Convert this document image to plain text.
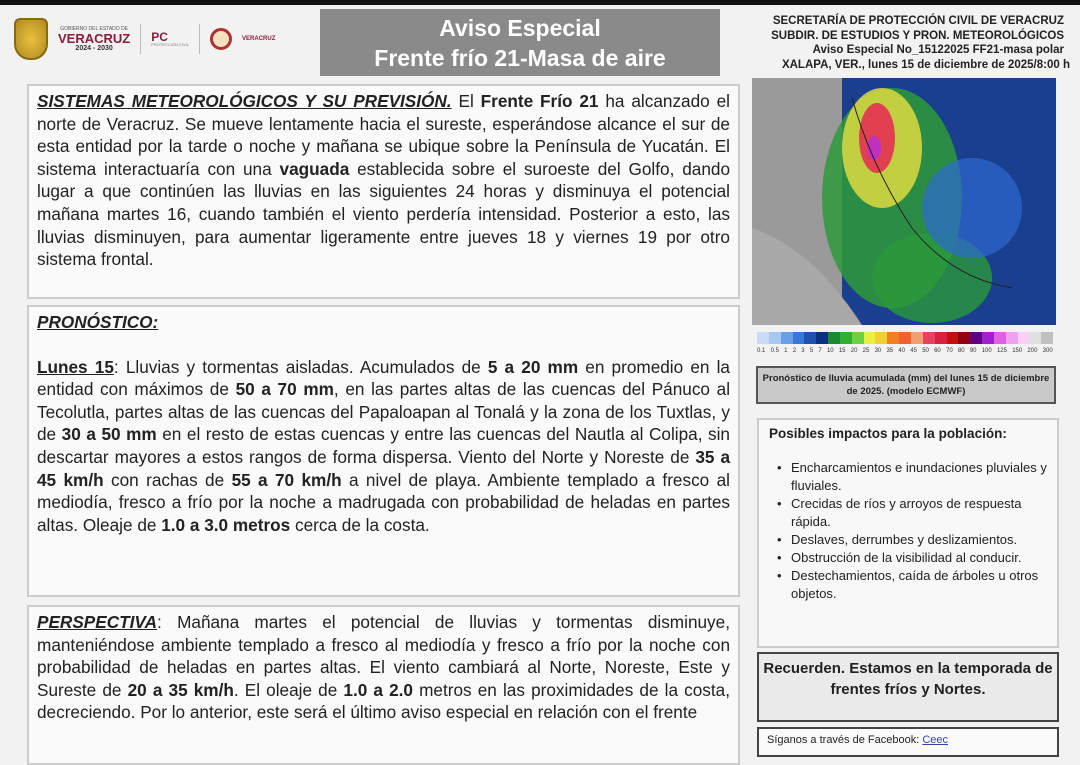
GOBIERNO DEL ESTADO DE
VERACRUZ
2024 - 2030
PC
PROTECCIÓN CIVIL
VERACRUZ	Aviso Especial
Frente frío 21-Masa de aire
SECRETARÍA DE PROTECCIÓN CIVIL DE VERACRUZ
SUBDIR. DE ESTUDIOS Y PRON. METEOROLÓGICOS
Aviso Especial No_15122025 FF21-masa polar
XALAPA, VER., lunes 15 de diciembre de 2025/8:00 h
SISTEMAS METEOROLÓGICOS Y SU PREVISIÓN. El Frente Frío 21 ha alcanzado el norte de Veracruz. Se mueve lentamente hacia el sureste, esperándose alcance el sur de esta entidad por la tarde o noche y mañana se ubique sobre la Península de Yucatán. El sistema interactuaría con una vaguada establecida sobre el suroeste del Golfo, dando lugar a que continúen las lluvias en las siguientes 24 horas y disminuya el potencial mañana martes 16, cuando también el viento perdería intensidad. Posterior a esto, las lluvias disminuyen, para aumentar ligeramente entre jueves 18 y viernes 19 por otro sistema frontal.
PRONÓSTICO:
Lunes 15: Lluvias y tormentas aisladas. Acumulados de 5 a 20 mm en promedio en la entidad con máximos de 50 a 70 mm, en las partes altas de las cuencas del Pánuco al Tecolutla, partes altas de las cuencas del Papaloapan al Tonalá y la zona de los Tuxtlas, y de 30 a 50 mm en el resto de estas cuencas y entre las cuencas del Nautla al Colipa, sin descartar mayores a estos rangos de forma dispersa. Viento del Norte y Noreste de 35 a 45 km/h con rachas de 55 a 70 km/h a nivel de playa. Ambiente templado a fresco al mediodía, fresco a frío por la noche a madrugada con probabilidad de heladas en partes altas. Oleaje de 1.0 a 3.0 metros cerca de la costa.
PERSPECTIVA: Mañana martes el potencial de lluvias y tormentas disminuye, manteniéndose ambiente templado a fresco al mediodía y fresco a frío por la noche con probabilidad de heladas en partes altas. El viento cambiará al Norte, Noreste, Este y Sureste de 20 a 35 km/h. El oleaje de 1.0 a 2.0 metros en las proximidades de la costa, decreciendo. Por lo anterior, este será el último aviso especial en relación con el frente
0.1 0.5 1 2 3 5 7 10 15 20 25 30 35 40 45 50 60 70 80 90 100 125 150 200 300
Pronóstico de lluvia acumulada (mm) del lunes 15 de diciembre de 2025. (modelo ECMWF)
Posibles impactos para la población:
• Encharcamientos e inundaciones pluviales y fluviales.
• Crecidas de ríos y arroyos de respuesta rápida.
• Deslaves, derrumbes y deslizamientos.
• Obstrucción de la visibilidad al conducir.
• Destechamientos, caída de árboles u otros objetos.
Recuerden. Estamos en la temporada de frentes fríos y Nortes.
Síganos a través de Facebook: Ceec
